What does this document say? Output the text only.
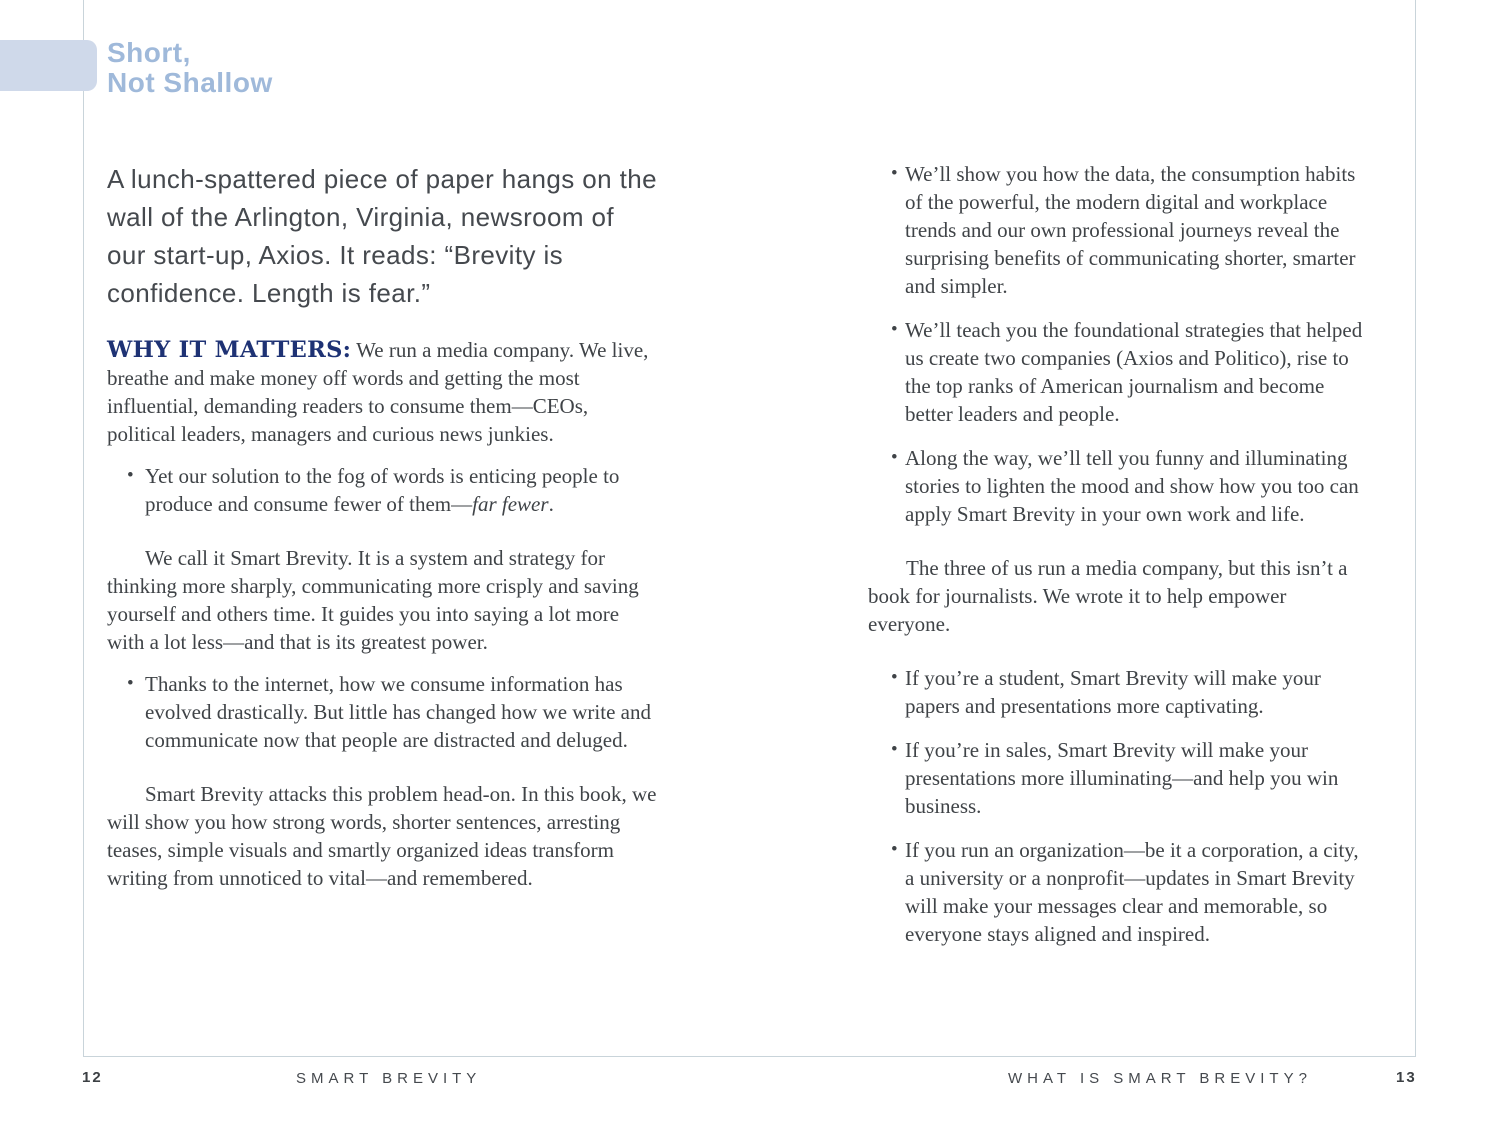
Short,
Not Shallow

A lunch-spattered piece of paper hangs on the wall of the Arlington, Virginia, newsroom of our start-up, Axios. It reads: “Brevity is confidence. Length is fear.”

WHY IT MATTERS: We run a media company. We live, breathe and make money off words and getting the most influential, demanding readers to consume them—CEOs, political leaders, managers and curious news junkies.

• Yet our solution to the fog of words is enticing people to produce and consume fewer of them—far fewer.

We call it Smart Brevity. It is a system and strategy for thinking more sharply, communicating more crisply and saving yourself and others time. It guides you into saying a lot more with a lot less—and that is its greatest power.

• Thanks to the internet, how we consume information has evolved drastically. But little has changed how we write and communicate now that people are distracted and deluged.

Smart Brevity attacks this problem head-on. In this book, we will show you how strong words, shorter sentences, arresting teases, simple visuals and smartly organized ideas transform writing from unnoticed to vital—and remembered.

• We’ll show you how the data, the consumption habits of the powerful, the modern digital and workplace trends and our own professional journeys reveal the surprising benefits of communicating shorter, smarter and simpler.
• We’ll teach you the foundational strategies that helped us create two companies (Axios and Politico), rise to the top ranks of American journalism and become better leaders and people.
• Along the way, we’ll tell you funny and illuminating stories to lighten the mood and show how you too can apply Smart Brevity in your own work and life.

The three of us run a media company, but this isn’t a book for journalists. We wrote it to help empower everyone.

• If you’re a student, Smart Brevity will make your papers and presentations more captivating.
• If you’re in sales, Smart Brevity will make your presentations more illuminating—and help you win business.
• If you run an organization—be it a corporation, a city, a university or a nonprofit—updates in Smart Brevity will make your messages clear and memorable, so everyone stays aligned and inspired.
12	SMART BREVITY	WHAT IS SMART BREVITY?	13
